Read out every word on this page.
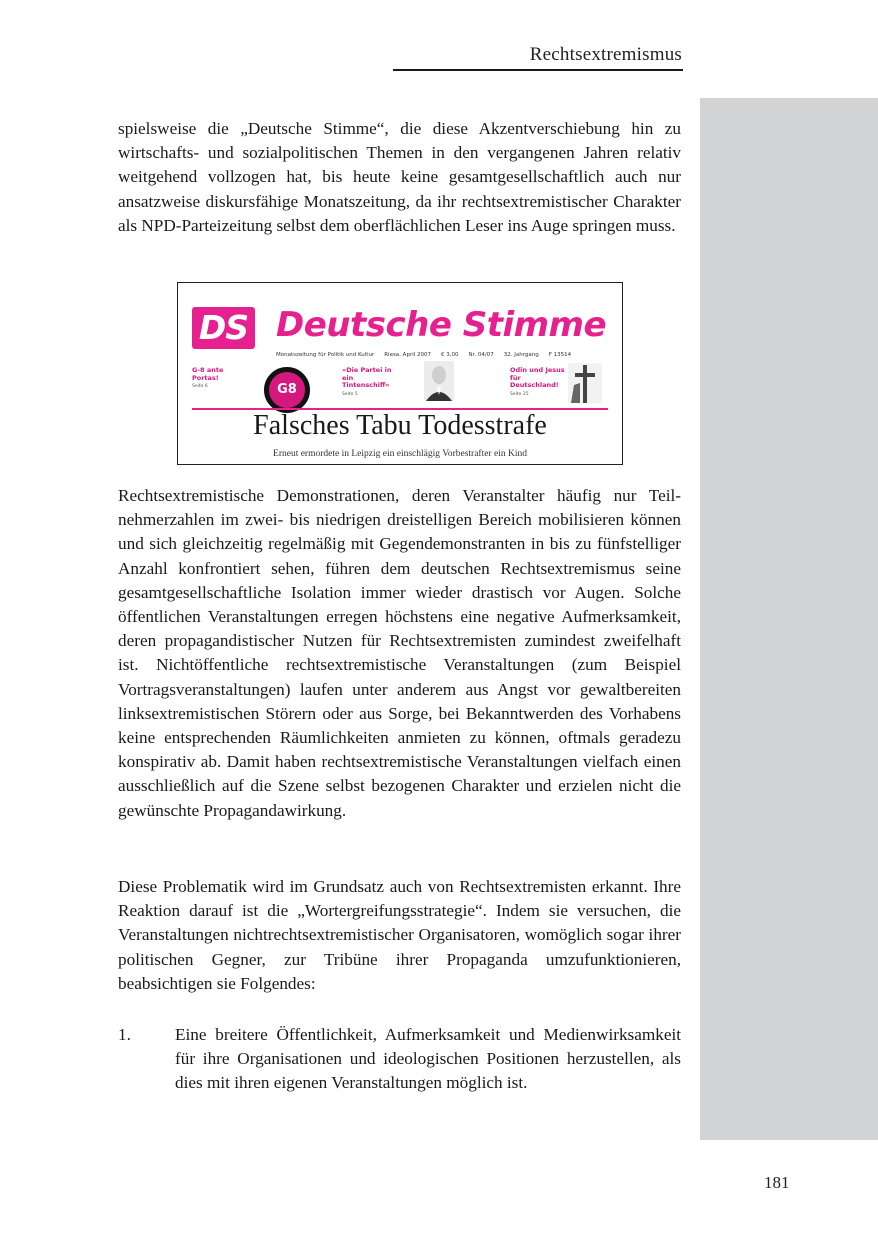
Rechtsextremismus
spielsweise die „Deutsche Stimme“, die diese Akzentverschiebung hin zu wirtschafts- und sozialpolitischen Themen in den vergangenen Jahren relativ weitgehend vollzogen hat, bis heute keine gesamtgesellschaftlich auch nur ansatzweise diskursfähige Monatszeitung, da ihr rechtsextremistischer Charakter als NPD-Parteizeitung selbst dem oberflächlichen Leser ins Auge springen muss.
DS Deutsche Stimme
Monatszeitung für Politik und Kultur Riesa, April 2007 € 3,00 Nr. 04/07 32. Jahrgang F 13514
G-8 ante Portas!
Seite 6	G8
»Die Partei in ein Tintenschiff«
Seite 5
Odin und Jesus für Deutschland!
Seite 25
Falsches Tabu Todesstrafe
Erneut ermordete in Leipzig ein einschlägig Vorbestrafter ein Kind
Rechtsextremistische Demonstrationen, deren Veranstalter häufig nur Teilnehmerzahlen im zwei- bis niedrigen dreistelligen Bereich mobilisieren können und sich gleichzeitig regelmäßig mit Gegendemonstranten in bis zu fünfstelliger Anzahl konfrontiert sehen, führen dem deutschen Rechtsextremismus seine gesamtgesellschaftliche Isolation immer wieder drastisch vor Augen. Solche öffentlichen Veranstaltungen erregen höchstens eine negative Aufmerksamkeit, deren propagandistischer Nutzen für Rechtsextremisten zumindest zweifelhaft ist. Nichtöffentliche rechtsextremistische Veranstaltungen (zum Beispiel Vortragsveranstaltungen) laufen unter anderem aus Angst vor gewaltbereiten linksextremistischen Störern oder aus Sorge, bei Bekanntwerden des Vorhabens keine entsprechenden Räumlichkeiten anmieten zu können, oftmals geradezu konspirativ ab. Damit haben rechtsextremistische Veranstaltungen vielfach einen ausschließlich auf die Szene selbst bezogenen Charakter und erzielen nicht die gewünschte Propagandawirkung.
Diese Problematik wird im Grundsatz auch von Rechtsextremisten erkannt. Ihre Reaktion darauf ist die „Wortergreifungsstrategie“. Indem sie versuchen, die Veranstaltungen nichtrechtsextremistischer Organisatoren, womöglich sogar ihrer politischen Gegner, zur Tribüne ihrer Propaganda umzufunktionieren, beabsichtigen sie Folgendes:
1.	Eine breitere Öffentlichkeit, Aufmerksamkeit und Medienwirksamkeit für ihre Organisationen und ideologischen Positionen herzustellen, als dies mit ihren eigenen Veranstaltungen möglich ist.
181
